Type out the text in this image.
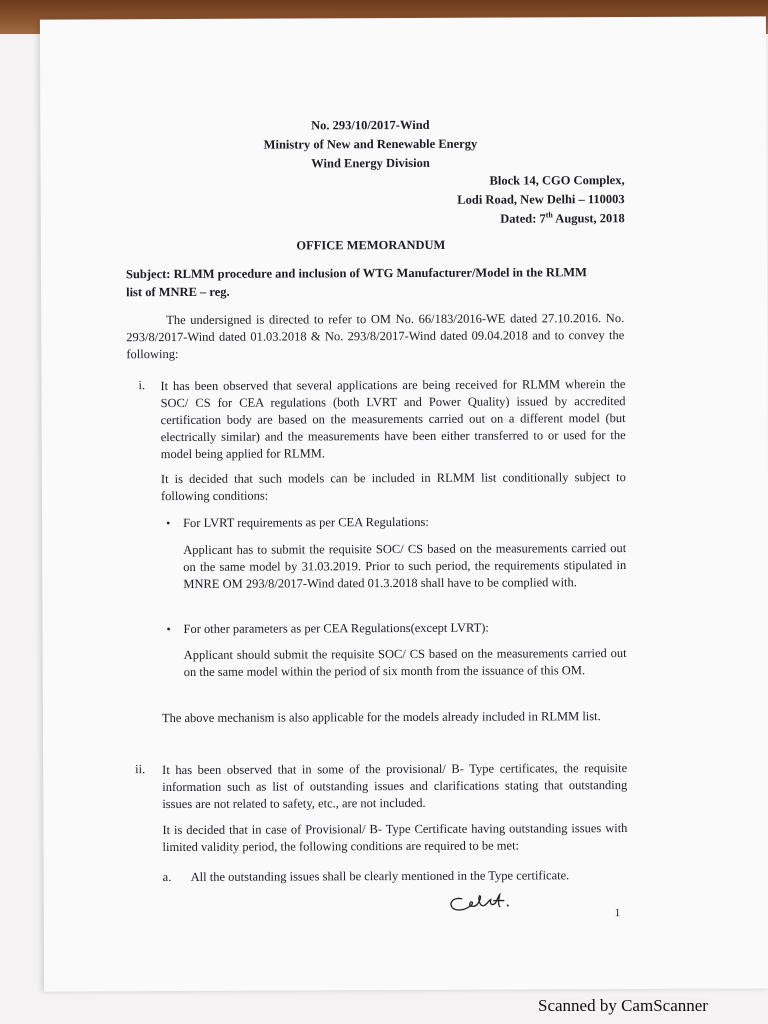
No. 293/10/2017-Wind
Ministry of New and Renewable Energy
Wind Energy Division
Block 14, CGO Complex,
Lodi Road, New Delhi – 110003
Dated: 7th August, 2018
OFFICE MEMORANDUM
Subject: RLMM procedure and inclusion of WTG Manufacturer/Model in the RLMM
list of MNRE – reg.
The undersigned is directed to refer to OM No. 66/183/2016-WE dated 27.10.2016. No. 293/8/2017-Wind dated 01.03.2018 & No. 293/8/2017-Wind dated 09.04.2018 and to convey the following:
i. It has been observed that several applications are being received for RLMM wherein the SOC/ CS for CEA regulations (both LVRT and Power Quality) issued by accredited certification body are based on the measurements carried out on a different model (but electrically similar) and the measurements have been either transferred to or used for the model being applied for RLMM.
It is decided that such models can be included in RLMM list conditionally subject to following conditions:
• For LVRT requirements as per CEA Regulations:
Applicant has to submit the requisite SOC/ CS based on the measurements carried out on the same model by 31.03.2019. Prior to such period, the requirements stipulated in MNRE OM 293/8/2017-Wind dated 01.3.2018 shall have to be complied with.
• For other parameters as per CEA Regulations(except LVRT):
Applicant should submit the requisite SOC/ CS based on the measurements carried out on the same model within the period of six month from the issuance of this OM.
The above mechanism is also applicable for the models already included in RLMM list.
ii. It has been observed that in some of the provisional/ B- Type certificates, the requisite information such as list of outstanding issues and clarifications stating that outstanding issues are not related to safety, etc., are not included.
It is decided that in case of Provisional/ B- Type Certificate having outstanding issues with limited validity period, the following conditions are required to be met:
a. All the outstanding issues shall be clearly mentioned in the Type certificate.
1
Scanned by CamScanner
